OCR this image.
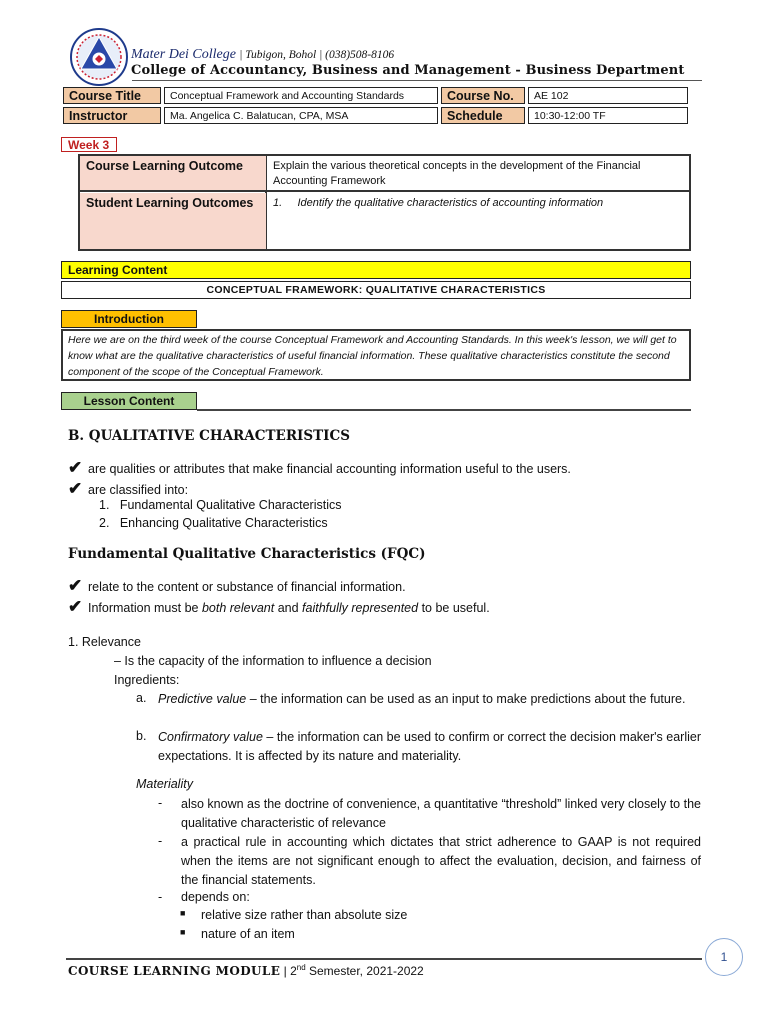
Mater Dei College | Tubigon, Bohol | (038)508-8106
College of Accountancy, Business and Management - Business Department
Course Title	Conceptual Framework and Accounting Standards	Course No.	AE 102
Instructor	Ma. Angelica C. Balatucan, CPA, MSA	Schedule	10:30-12:00 TF
Week 3
Course Learning Outcome	Explain the various theoretical concepts in the development of the Financial Accounting Framework
Student Learning Outcomes	1.     Identify the qualitative characteristics of accounting information
Learning Content
CONCEPTUAL FRAMEWORK: QUALITATIVE CHARACTERISTICS
Introduction
Here we are on the third week of the course Conceptual Framework and Accounting Standards. In this week's lesson, we will get to know what are the qualitative characteristics of useful financial information. These qualitative characteristics constitute the second component of the scope of the Conceptual Framework.
Lesson Content
B. QUALITATIVE CHARACTERISTICS
✔ are qualities or attributes that make financial accounting information useful to the users.
✔ are classified into:
1.   Fundamental Qualitative Characteristics
2.   Enhancing Qualitative Characteristics
Fundamental Qualitative Characteristics (FQC)
✔ relate to the content or substance of financial information.
✔ Information must be both relevant and faithfully represented to be useful.
1. Relevance
– Is the capacity of the information to influence a decision
Ingredients:
a. Predictive value – the information can be used as an input to make predictions about the future.
b. Confirmatory value – the information can be used to confirm or correct the decision maker's earlier expectations. It is affected by its nature and materiality.
Materiality
- also known as the doctrine of convenience, a quantitative “threshold” linked very closely to the qualitative characteristic of relevance
- a practical rule in accounting which dictates that strict adherence to GAAP is not required when the items are not significant enough to affect the evaluation, decision, and fairness of the financial statements.
- depends on:
■ relative size rather than absolute size
■ nature of an item
COURSE LEARNING MODULE | 2nd Semester, 2021-2022
1
